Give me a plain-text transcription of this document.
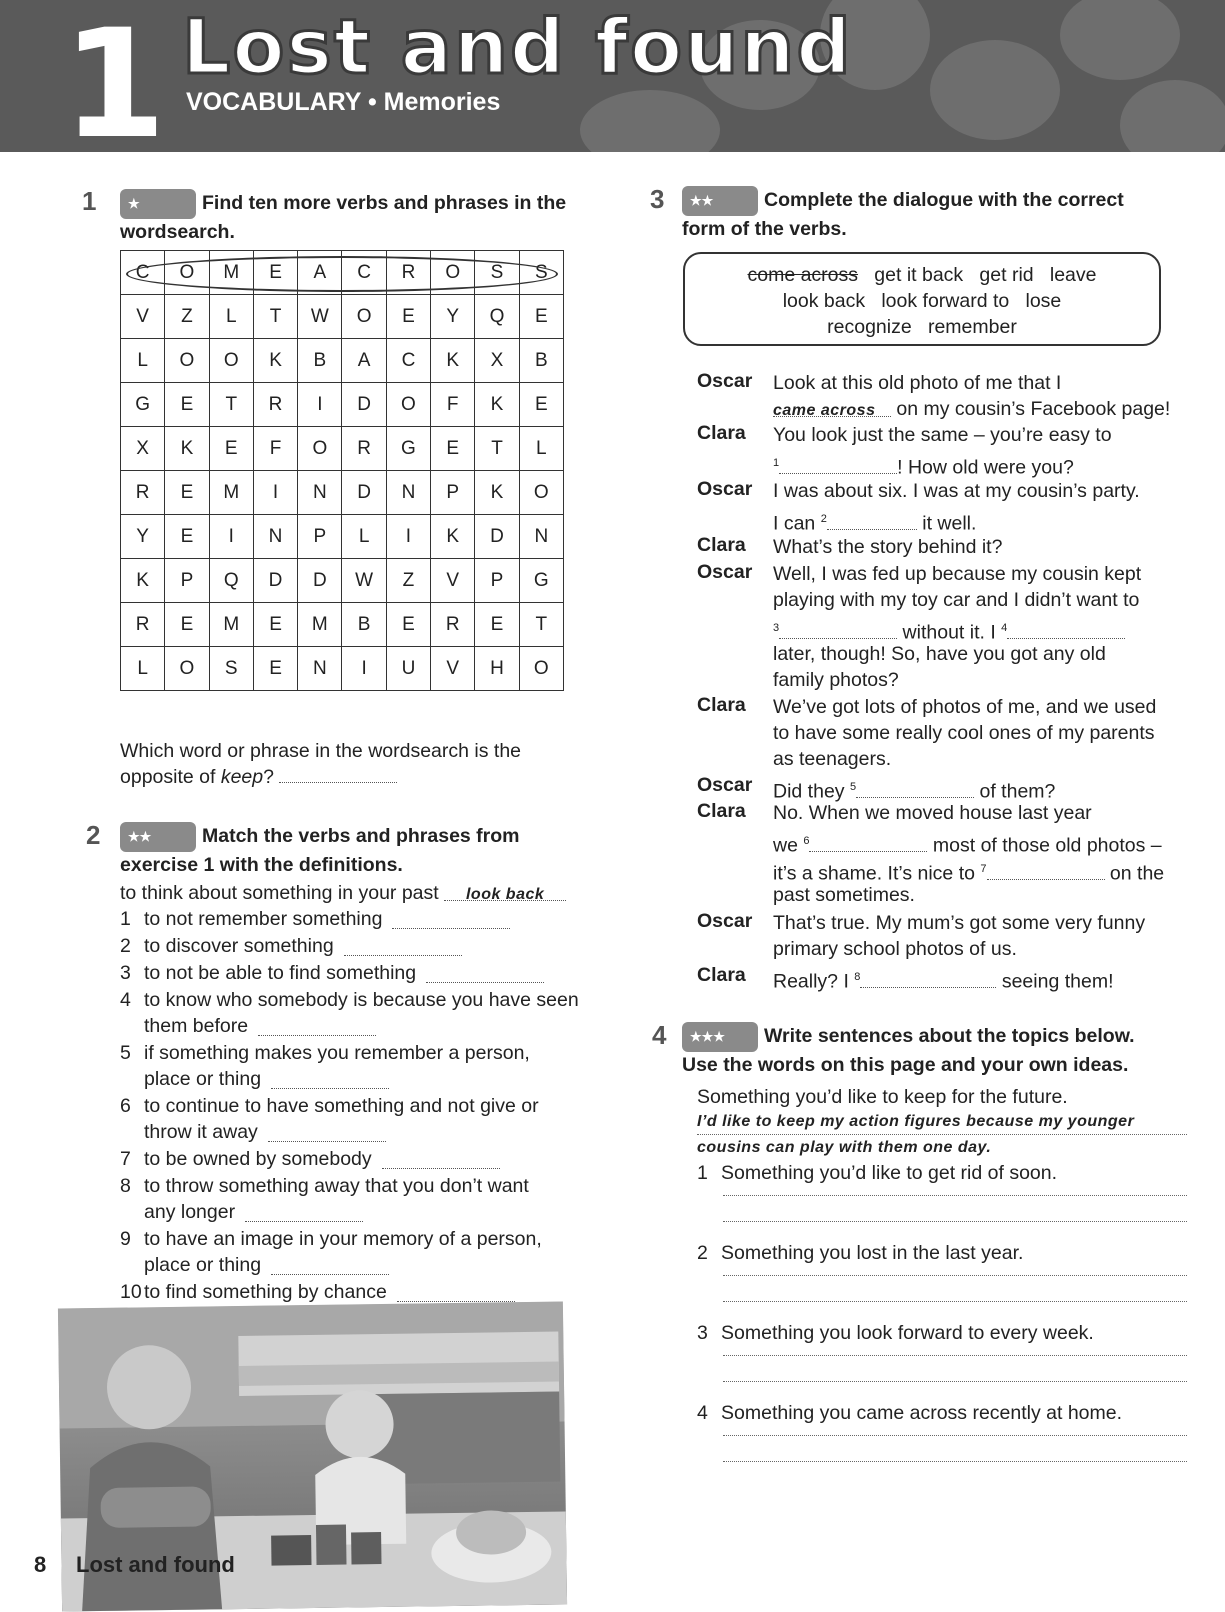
1 Lost and found
VOCABULARY • Memories
1	★	Find ten more verbs and phrases in the
wordsearch.
C	O	M	E	A	C	R	O	S	S
V	Z	L	T	W	O	E	Y	Q	E
L	O	O	K	B	A	C	K	X	B
G	E	T	R	I	D	O	F	K	E
X	K	E	F	O	R	G	E	T	L
R	E	M	I	N	D	N	P	K	O
Y	E	I	N	P	L	I	K	D	N
K	P	Q	D	D	W	Z	V	P	G
R	E	M	E	M	B	E	R	E	T
L	O	S	E	N	I	U	V	H	O
Which word or phrase in the wordsearch is the
opposite of keep?
2	★★	Match the verbs and phrases from
exercise 1 with the definitions.
to think about something in your past look back
1 to not remember something
2 to discover something
3 to not be able to find something
4 to know who somebody is because you have seen
them before
5 if something makes you remember a person,
place or thing
6 to continue to have something and not give or
throw it away
7 to be owned by somebody
8 to throw something away that you don’t want
any longer
9 to have an image in your memory of a person,
place or thing
10 to find something by chance
8 Lost and found
3	★★	Complete the dialogue with the correct
form of the verbs.
come across get it back   get rid   leave
look back   look forward to   lose
recognize   remember
Oscar Look at this old photo of me that I
came across on my cousin’s Facebook page!
Clara You look just the same – you’re easy to
$^1$	! How old were you?
Oscar I was about six. I was at my cousin’s party.
I can $^2$	it well.
Clara What’s the story behind it?
Oscar Well, I was fed up because my cousin kept
playing with my toy car and I didn’t want to
$^3$	without it. I $^4$
later, though! So, have you got any old
family photos?
Clara We’ve got lots of photos of me, and we used
to have some really cool ones of my parents
as teenagers.
Oscar Did they $^5$	of them?
Clara No. When we moved house last year
we $^6$	most of those old photos –
it’s a shame. It’s nice to $^7$	on the
past sometimes.
Oscar That’s true. My mum’s got some very funny
primary school photos of us.
Clara Really? I $^8$	seeing them!
4	★★★ Write sentences about the topics below.
Use the words on this page and your own ideas.
Something you’d like to keep for the future.
I’d like to keep my action figures because my younger
cousins can play with them one day.
1 Something you’d like to get rid of soon.
2 Something you lost in the last year.
3 Something you look forward to every week.
4 Something you came across recently at home.
